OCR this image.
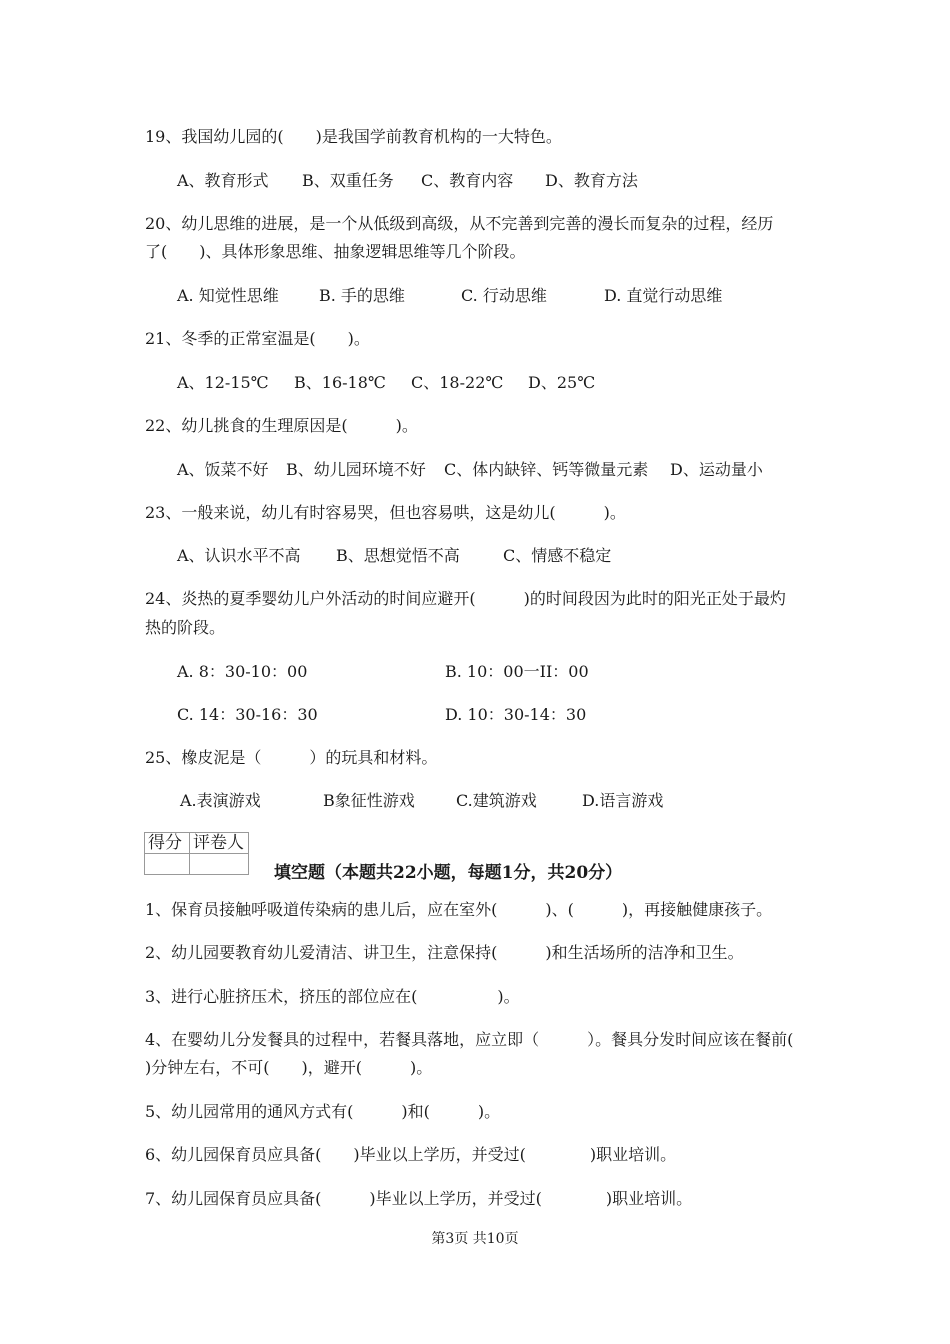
19、我国幼儿园的(　　)是我国学前教育机构的一大特色。
A、教育形式 B、双重任务 C、教育内容 D、教育方法
20、幼儿思维的进展，是一个从低级到高级，从不完善到完善的漫长而复杂的过程，经历
了(　　)、具体形象思维、抽象逻辑思维等几个阶段。
A. 知觉性思维	B. 手的思维	C. 行动思维	D. 直觉行动思维
21、冬季的正常室温是(　　)。
A、12-15℃ B、16-18℃ C、18-22℃ D、25℃
22、幼儿挑食的生理原因是(　　　)。
A、饭菜不好 B、幼儿园环境不好 C、体内缺锌、钙等微量元素 D、运动量小
23、一般来说，幼儿有时容易哭，但也容易哄，这是幼儿(　　　)。
A、认识水平不高 B、思想觉悟不高	C、情感不稳定
24、炎热的夏季婴幼儿户外活动的时间应避开(　　　)的时间段因为此时的阳光正处于最灼
热的阶段。
A. 8：30-10：00	B. 10：00一II：00
C. 14：30-16：30	D. 10：30-14：30
25、橡皮泥是（　　　）的玩具和材料。
A.表演游戏	B象征性游戏	C.建筑游戏	D.语言游戏
得分	评卷人

填空题（本题共22小题，每题1分，共20分）
1、保育员接触呼吸道传染病的患儿后，应在室外(　　　)、(　　　)，再接触健康孩子。
2、幼儿园要教育幼儿爱清洁、讲卫生，注意保持(　　　)和生活场所的洁净和卫生。
3、进行心脏挤压术，挤压的部位应在(　　　　　)。
4、在婴幼儿分发餐具的过程中，若餐具落地，应立即（　　　）。餐具分发时间应该在餐前(
)分钟左右，不可(　　)，避开(　　　)。
5、幼儿园常用的通风方式有(　　　)和(　　　)。
6、幼儿园保育员应具备(　　)毕业以上学历，并受过(　　　　)职业培训。
7、幼儿园保育员应具备(　　　)毕业以上学历，并受过(　　　　)职业培训。
第3页 共10页
